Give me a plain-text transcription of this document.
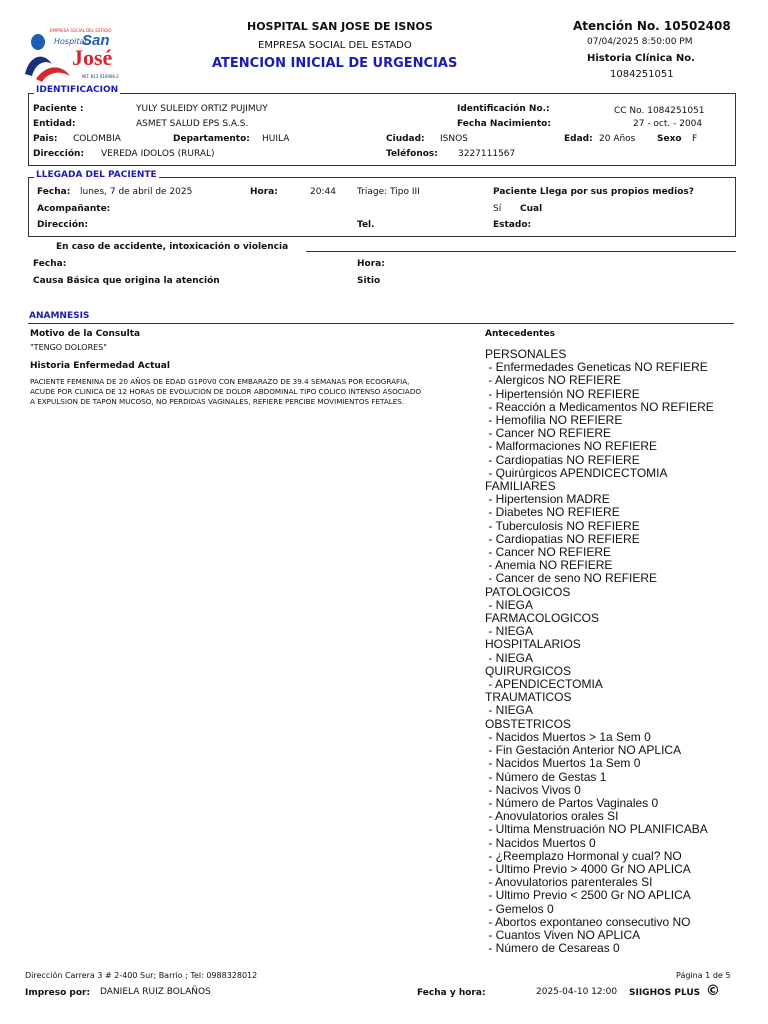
EMPRESA SOCIAL DEL ESTADO
Hospital
San
José
NIT. 813 010966-2
HOSPITAL SAN JOSE DE ISNOS
EMPRESA SOCIAL DEL ESTADO
ATENCION INICIAL DE URGENCIAS
Atención No. 10502408
07/04/2025 8:50:00 PM
Historia Clínica No.
1084251051
IDENTIFICACION
Paciente :	YULY SULEIDY ORTIZ PUJIMUY
Entidad:	ASMET SALUD EPS S.A.S.
Pais: COLOMBIA	Departamento: HUILA	Ciudad: ISNOS
Dirección: VEREDA IDOLOS (RURAL)	Teléfonos: 3227111567
Identificación No.:	CC No. 1084251051
Fecha Nacimiento:	27 - oct. - 2004
Edad: 20 Años Sexo F
LLEGADA DEL PACIENTE
Fecha: lunes, 7 de abril de 2025	Hora:	20:44 Triage: Tipo III	Paciente Llega por sus propios medios?
Acompañante:	Sí Cual
Dirección:	Tel.	Estado:
En caso de accidente, intoxicación o violencia
Fecha:	Hora:
Causa Básica que origina la atención	Sitio
ANAMNESIS
Motivo de la Consulta
"TENGO DOLORES"
Historia Enfermedad Actual
PACIENTE FEMENINA DE 20 AÑOS DE EDAD G1P0V0 CON EMBARAZO DE 39.4 SEMANAS POR ECOGRAFIA,
ACUDE POR CLINICA DE 12 HORAS DE EVOLUCION DE DOLOR ABDOMINAL TIPO COLICO INTENSO ASOCIADO
A EXPULSION DE TAPON MUCOSO, NO PERDIDAS VAGINALES, REFIERE PERCIBE MOVIMIENTOS FETALES.
Antecedentes
PERSONALES
- Enfermedades Geneticas NO REFIERE
- Alergicos NO REFIERE
- Hipertensión NO REFIERE
- Reacción a Medicamentos NO REFIERE
- Hemofilia NO REFIERE
- Cancer NO REFIERE
- Malformaciones NO REFIERE
- Cardiopatias NO REFIERE
- Quirúrgicos APENDICECTOMIA
FAMILIARES
- Hipertension MADRE
- Diabetes NO REFIERE
- Tuberculosis NO REFIERE
- Cardiopatias NO REFIERE
- Cancer NO REFIERE
- Anemia NO REFIERE
- Cancer de seno NO REFIERE
PATOLOGICOS
- NIEGA
FARMACOLOGICOS
- NIEGA
HOSPITALARIOS
- NIEGA
QUIRURGICOS
- APENDICECTOMIA
TRAUMATICOS
- NIEGA
OBSTETRICOS
- Nacidos Muertos > 1a Sem 0
- Fin Gestación Anterior NO APLICA
- Nacidos Muertos 1a Sem 0
- Número de Gestas 1
- Nacivos Vivos 0
- Número de Partos Vaginales 0
- Anovulatorios orales SI
- Ultima Menstruación NO PLANIFICABA
- Nacidos Muertos 0
- ¿Reemplazo Hormonal y cual? NO
- Ultimo Previo > 4000 Gr NO APLICA
- Anovulatorios parenterales SI
- Ultimo Previo < 2500 Gr NO APLICA
- Gemelos 0
- Abortos expontaneo consecutivo NO
- Cuantos Viven NO APLICA
- Número de Cesareas 0
Dirección Carrera 3 # 2-400 Sur; Barrio ; Tel: 0988328012	Página 1 de 5
Impreso por: DANIELA RUIZ BOLAÑOS	Fecha y hora:	2025-04-10 12:00 SIIGHOS PLUS ©
